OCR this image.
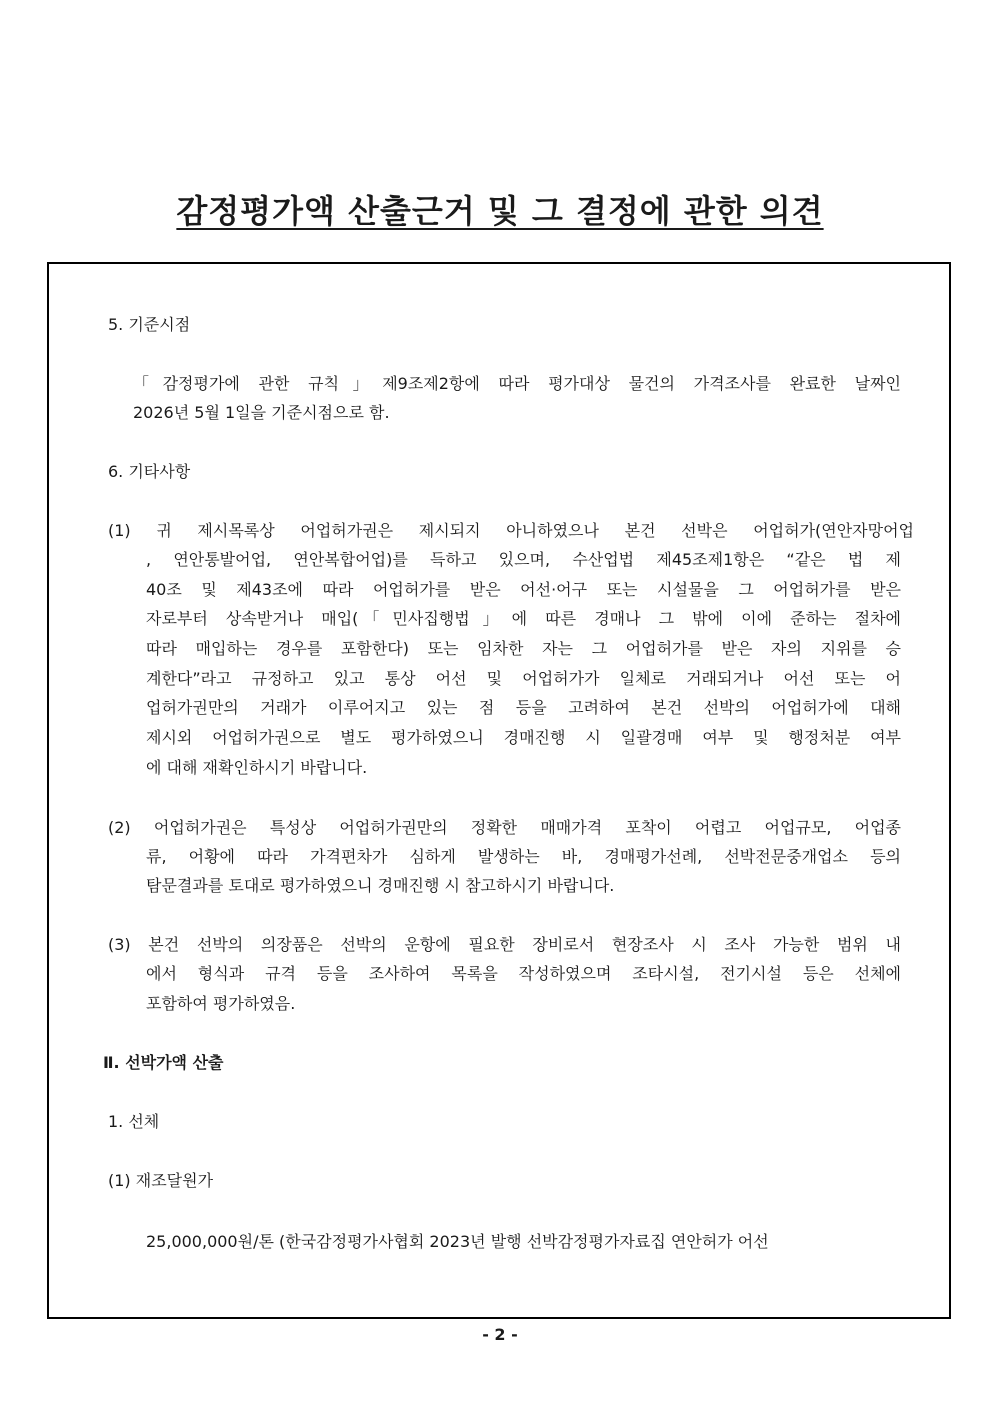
감정평가액 산출근거 및 그 결정에 관한 의견
5. 기준시점
「감정평가에 관한 규칙」제9조제2항에 따라 평가대상 물건의 가격조사를 완료한 날짜인
2026년 5월 1일을 기준시점으로 함.
6. 기타사항
(1) 귀 제시목록상 어업허가권은 제시되지 아니하였으나 본건 선박은 어업허가(연안자망어업
, 연안통발어업, 연안복합어업)를 득하고 있으며, 수산업법 제45조제1항은 “같은 법 제
40조 및 제43조에 따라 어업허가를 받은 어선·어구 또는 시설물을 그 어업허가를 받은
자로부터 상속받거나 매입(「민사집행법」에 따른 경매나 그 밖에 이에 준하는 절차에
따라 매입하는 경우를 포함한다) 또는 임차한 자는 그 어업허가를 받은 자의 지위를 승
계한다”라고 규정하고 있고 통상 어선 및 어업허가가 일체로 거래되거나 어선 또는 어
업허가권만의 거래가 이루어지고 있는 점 등을 고려하여 본건 선박의 어업허가에 대해
제시외 어업허가권으로 별도 평가하였으니 경매진행 시 일괄경매 여부 및 행정처분 여부
에 대해 재확인하시기 바랍니다.
(2) 어업허가권은 특성상 어업허가권만의 정확한 매매가격 포착이 어렵고 어업규모, 어업종
류, 어황에 따라 가격편차가 심하게 발생하는 바, 경매평가선례, 선박전문중개업소 등의
탐문결과를 토대로 평가하였으니 경매진행 시 참고하시기 바랍니다.
(3) 본건 선박의 의장품은 선박의 운항에 필요한 장비로서 현장조사 시 조사 가능한 범위 내
에서 형식과 규격 등을 조사하여 목록을 작성하였으며 조타시설, 전기시설 등은 선체에
포함하여 평가하였음.
Ⅱ. 선박가액 산출
1. 선체
(1) 재조달원가
25,000,000원/톤 (한국감정평가사협회 2023년 발행 선박감정평가자료집 연안허가 어선
- 2 -
